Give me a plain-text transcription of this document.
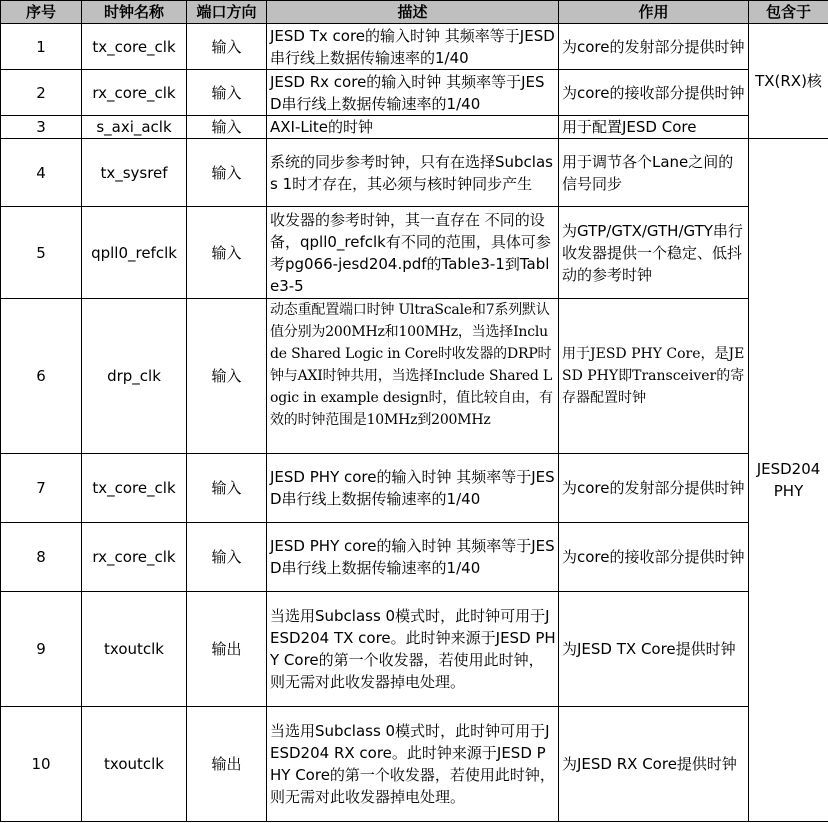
序号	时钟名称	端口方向	描述	作用	包含于
1	tx_core_clk	输入	JESD Tx core的输入时钟 其频率等于JESD串行线上数据传输速率的1/40	为core的发射部分提供时钟	TX(RX)核
2	rx_core_clk	输入	JESD Rx core的输入时钟 其频率等于JESD串行线上数据传输速率的1/40	为core的接收部分提供时钟	
3	s_axi_aclk	输入	AXI-Lite的时钟	用于配置JESD Core	
4	tx_sysref	输入	系统的同步参考时钟，只有在选择Subclass 1时才存在，其必须与核时钟同步产生	用于调节各个Lane之间的信号同步	JESD204 PHY
5	qpll0_refclk	输入	收发器的参考时钟，其一直存在 不同的设备，qpll0_refclk有不同的范围，具体可参考pg066-jesd204.pdf的Table3-1到Table3-5	为GTP/GTX/GTH/GTY串行收发器提供一个稳定、低抖动的参考时钟	
6	drp_clk	输入	动态重配置端口时钟 UltraScale和7系列默认值分别为200MHz和100MHz，当选择Include Shared Logic in Core时收发器的DRP时钟与AXI时钟共用，当选择Include Shared Logic in example design时，值比较自由，有效的时钟范围是10MHz到200MHz	用于JESD PHY Core，是JESD PHY即Transceiver的寄存器配置时钟	
7	tx_core_clk	输入	JESD PHY core的输入时钟 其频率等于JESD串行线上数据传输速率的1/40	为core的发射部分提供时钟	
8	rx_core_clk	输入	JESD PHY core的输入时钟 其频率等于JESD串行线上数据传输速率的1/40	为core的接收部分提供时钟	
9	txoutclk	输出	当选用Subclass 0模式时，此时钟可用于JESD204 TX core。此时钟来源于JESD PHY Core的第一个收发器，若使用此时钟，则无需对此收发器掉电处理。	为JESD TX Core提供时钟	
10	txoutclk	输出	当选用Subclass 0模式时，此时钟可用于JESD204 RX core。此时钟来源于JESD PHY Core的第一个收发器，若使用此时钟，则无需对此收发器掉电处理。	为JESD RX Core提供时钟	
